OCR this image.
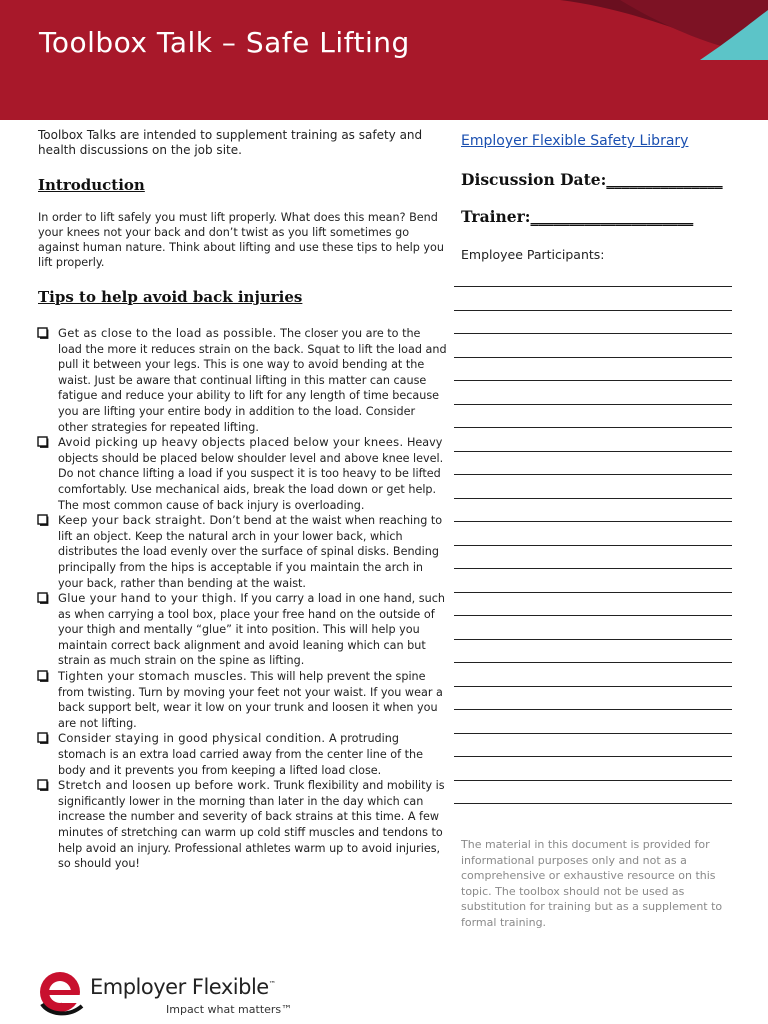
Toolbox Talk – Safe Lifting
Toolbox Talks are intended to supplement training as safety and health discussions on the job site.
Introduction
In order to lift safely you must lift properly. What does this mean? Bend your knees not your back and don’t twist as you lift sometimes go against human nature. Think about lifting and use these tips to help you lift properly.
Tips to help avoid back injuries
Get as close to the load as possible. The closer you are to the load the more it reduces strain on the back. Squat to lift the load and pull it between your legs. This is one way to avoid bending at the waist. Just be aware that continual lifting in this matter can cause fatigue and reduce your ability to lift for any length of time because you are lifting your entire body in addition to the load. Consider other strategies for repeated lifting.
Avoid picking up heavy objects placed below your knees. Heavy objects should be placed below shoulder level and above knee level. Do not chance lifting a load if you suspect it is too heavy to be lifted comfortably. Use mechanical aids, break the load down or get help. The most common cause of back injury is overloading.
Keep your back straight. Don’t bend at the waist when reaching to lift an object. Keep the natural arch in your lower back, which distributes the load evenly over the surface of spinal disks. Bending principally from the hips is acceptable if you maintain the arch in your back, rather than bending at the waist.
Glue your hand to your thigh. If you carry a load in one hand, such as when carrying a tool box, place your free hand on the outside of your thigh and mentally “glue” it into position. This will help you maintain correct back alignment and avoid leaning which can but strain as much strain on the spine as lifting.
Tighten your stomach muscles. This will help prevent the spine from twisting. Turn by moving your feet not your waist. If you wear a back support belt, wear it low on your trunk and loosen it when you are not lifting.
Consider staying in good physical condition. A protruding stomach is an extra load carried away from the center line of the body and it prevents you from keeping a lifted load close.
Stretch and loosen up before work. Trunk flexibility and mobility is significantly lower in the morning than later in the day which can increase the number and severity of back strains at this time. A few minutes of stretching can warm up cold stiff muscles and tendons to help avoid an injury. Professional athletes warm up to avoid injuries, so should you!
Employer Flexible Safety Library
Discussion Date:_______________
Trainer:_____________________
Employee Participants:
The material in this document is provided for informational purposes only and not as a comprehensive or exhaustive resource on this topic. The toolbox should not be used as substitution for training but as a supplement to formal training.
Employer Flexible™
Impact what matters™
